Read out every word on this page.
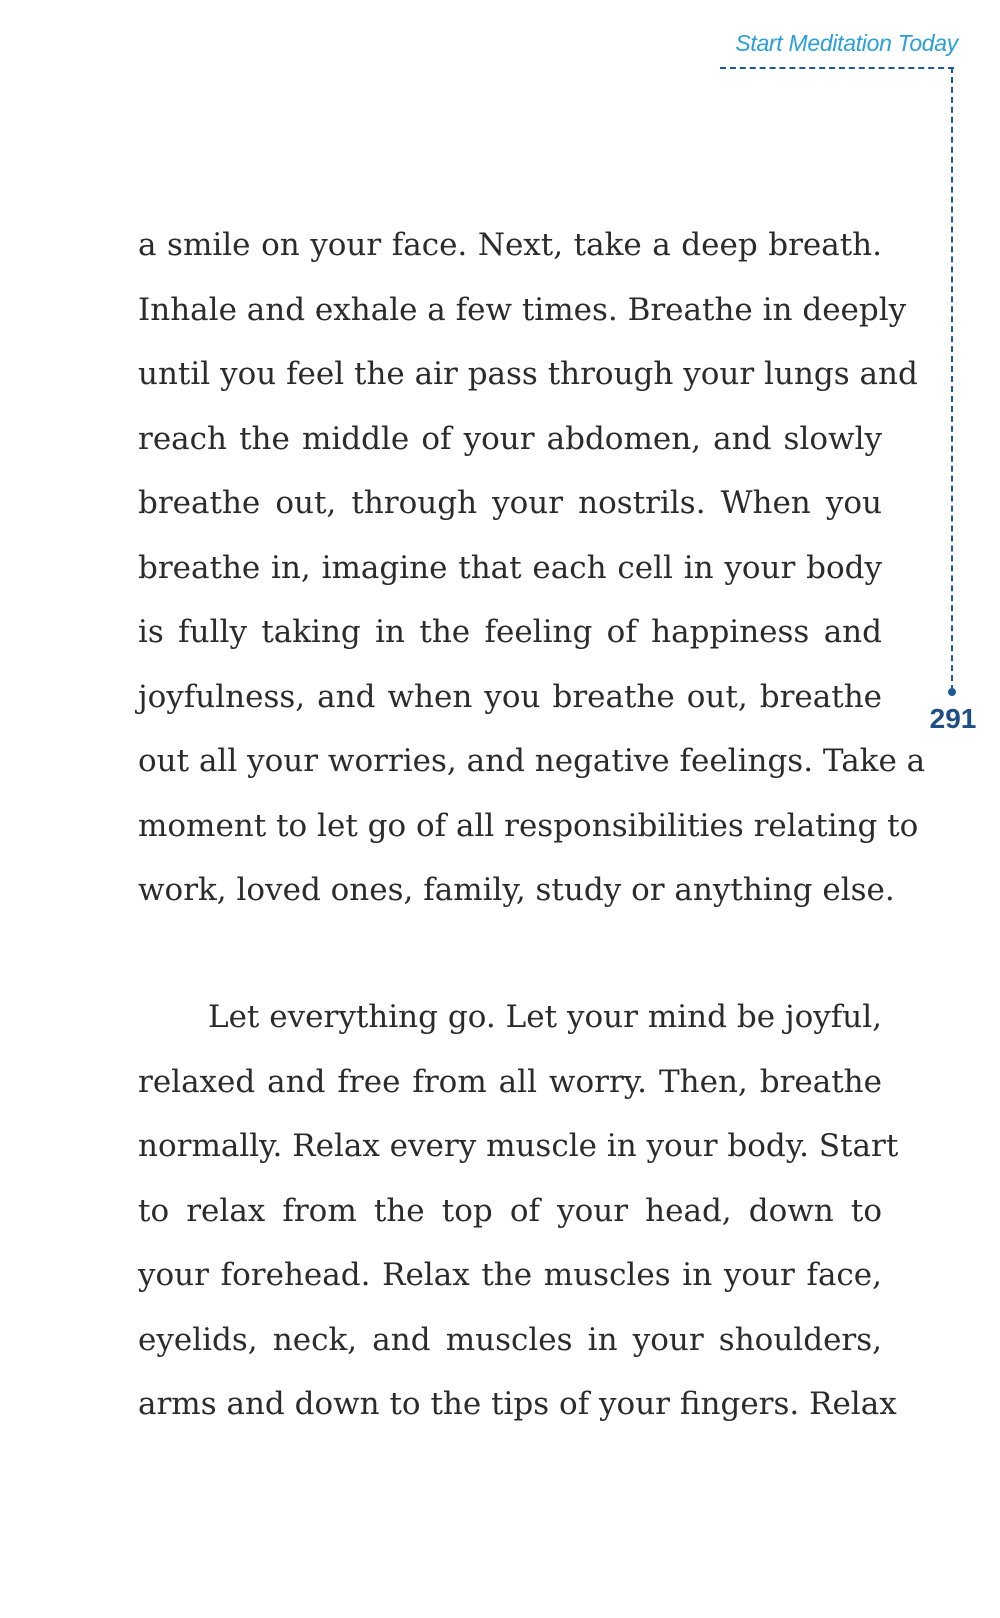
Start Meditation Today
291
a smile on your face. Next, take a deep breath.
Inhale and exhale a few times. Breathe in deeply
until you feel the air pass through your lungs and
reach the middle of your abdomen, and slowly
breathe out, through your nostrils. When you
breathe in, imagine that each cell in your body
is fully taking in the feeling of happiness and
joyfulness, and when you breathe out, breathe
out all your worries, and negative feelings. Take a
moment to let go of all responsibilities relating to
work, loved ones, family, study or anything else.
Let everything go. Let your mind be joyful,
relaxed and free from all worry. Then, breathe
normally. Relax every muscle in your body. Start
to relax from the top of your head, down to
your forehead. Relax the muscles in your face,
eyelids, neck, and muscles in your shoulders,
arms and down to the tips of your fingers. Relax
